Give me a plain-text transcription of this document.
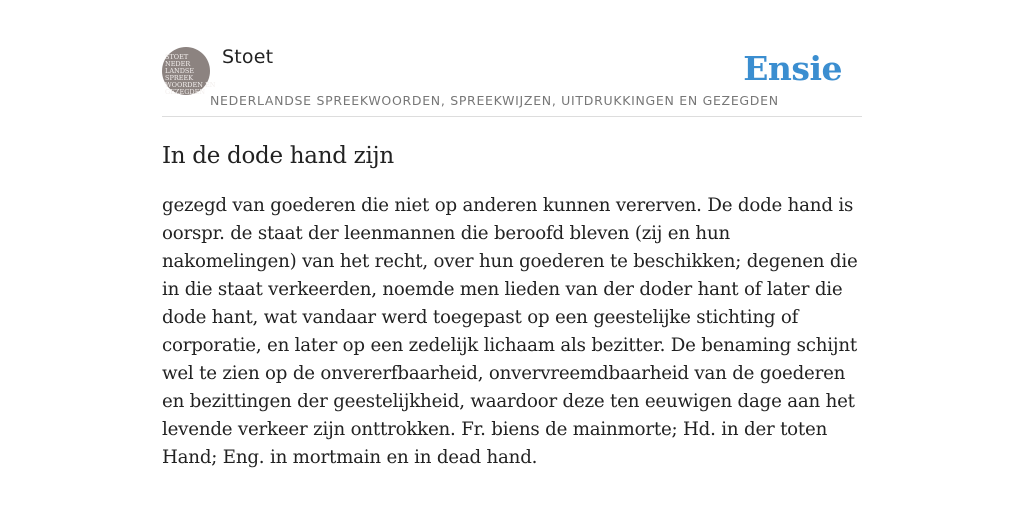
STOET
NEDER
LANDSE
SPREEK
WOORDEN EN
GEZEGDEN
Stoet
NEDERLANDSE SPREEKWOORDEN, SPREEKWIJZEN, UITDRUKKINGEN EN GEZEGDEN
Ensie
In de dode hand zijn

gezegd van goederen die niet op anderen kunnen vererven. De dode hand is oorspr. de staat der leenmannen die beroofd bleven (zij en hun nakomelingen) van het recht, over hun goederen te beschikken; degenen die in die staat verkeerden, noemde men lieden van der doder hant of later die dode hant, wat vandaar werd toegepast op een geestelijke stichting of corporatie, en later op een zedelijk lichaam als bezitter. De benaming schijnt wel te zien op de onvererfbaarheid, onvervreemdbaarheid van de goederen en bezittingen der geestelijkheid, waardoor deze ten eeuwigen dage aan het levende verkeer zijn onttrokken. Fr. biens de mainmorte; Hd. in der toten Hand; Eng. in mortmain en in dead hand.
